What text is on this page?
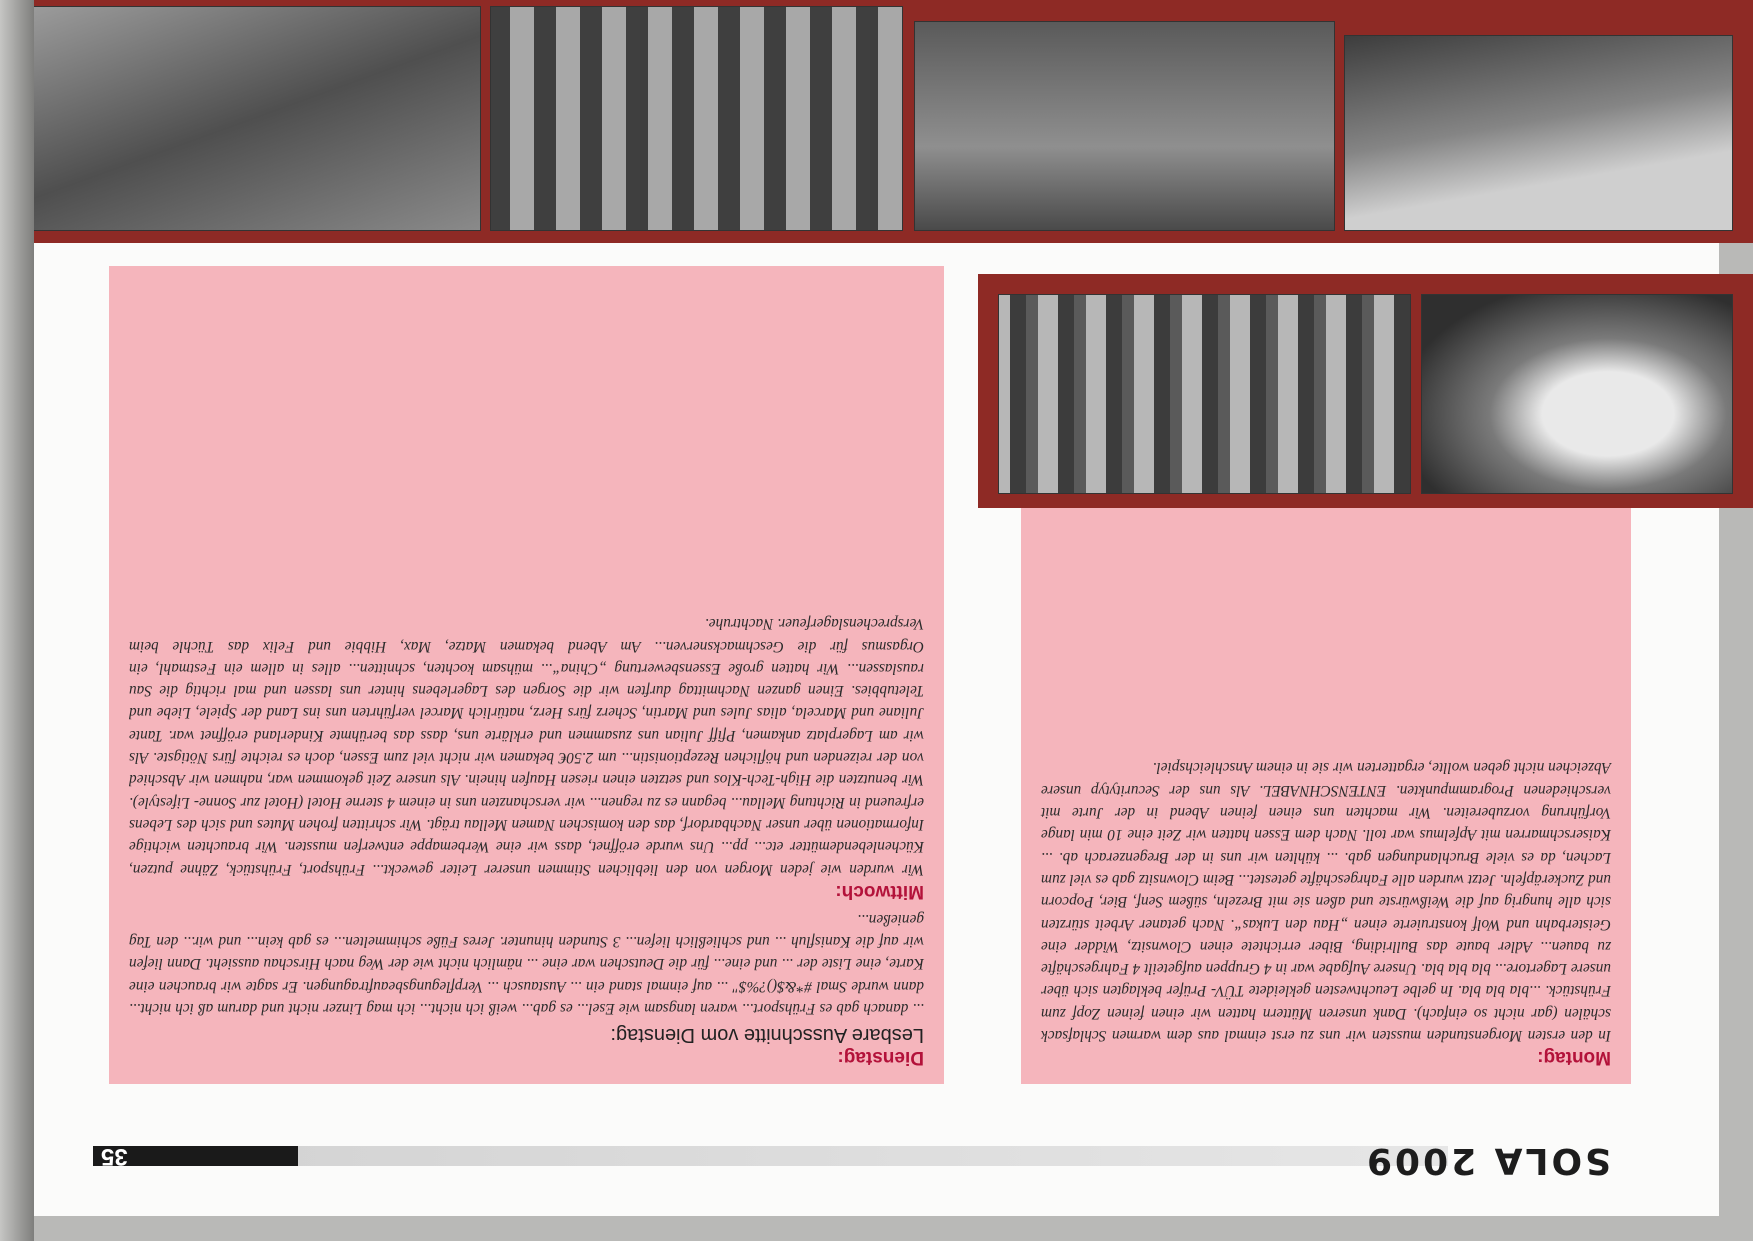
35	SOLA 2009
Montag:

In den ersten Morgenstunden mussten wir uns zu erst einmal aus dem warmen Schlafsack schälen (gar nicht so einfach). Dank unseren Müttern hatten wir einen feinen Zopf zum Frühstück. ...bla bla bla. In gelbe Leuchtwesten gekleidete TÜV- Prüfer beklagten sich über unsere Lagertore... bla bla bla. Unsere Aufgabe war in 4 Gruppen aufgeteilt 4 Fahrgeschäfte zu bauen... Adler baute das Bullriding, Biber errichtete einen Clownsitz, Widder eine Geisterbahn und Wolf konstruierte einen „Hau den Lukas“. Nach getaner Arbeit stürzten sich alle hungrig auf die Weißwürste und aßen sie mit Brezeln, süßem Senf, Bier, Popcorn und Zuckeräpfeln. Jetzt wurden alle Fahrgeschäfte getestet... Beim Clownsitz gab es viel zum Lachen, da es viele Bruchlandungen gab. ... kühlten wir uns in der Bregenzerach ab. ... Kaiserschmarren mit Apfelmus war toll. Nach dem Essen hatten wir Zeit eine 10 min lange Vorführung vorzubereiten. Wir machten uns einen feinen Abend in der Jurte mit verschiedenen Programmpunkten. ENTENSCHNABEL. Als uns der Securitytyp unsere Abzeichen nicht geben wollte, ergatterten wir sie in einem Anschleichspiel.

Dienstag:
Lesbare Ausschnitte vom Dienstag:

... danach gab es Frühsport... waren langsam wie Esel... es gab... weiß ich nicht... ich mag Linzer nicht und darum aß ich nicht... dann wurde Smal #*&$()?%$" ... auf einmal stand ein ... Austausch ... Verpflegungsbeauftragungen. Er sagte wir brauchen eine Karte, eine Liste der ... und eine... für die Deutschen war eine ... nämlich nicht wie der Weg nach Hirschau aussieht. Dann liefen wir auf die Kanisfluh ... und schließlich liefen... 3 Stunden hinunter. Jeres Füße schimmelten... es gab kein... und wir... den Tag genießen...

Mittwoch:

Wir wurden wie jeden Morgen von den lieblichen Stimmen unserer Leiter geweckt... Frühsport, Frühstück, Zähne putzen, Küchenlebendemütter etc... pp... Uns wurde eröffnet, dass wir eine Werbemappe entwerfen mussten. Wir brauchten wichtige Informationen über unser Nachbardorf, das den komischen Namen Mellau trägt. Wir schritten frohen Mutes und sich des Lebens erfreuend in Richtung Mellau... begann es zu regnen... wir verschanzten uns in einem 4 sterne Hotel (Hotel zur Sonne- Lifestyle). Wir benutzten die High-Tech-Klos und setzten einen riesen Haufen hinein. Als unsere Zeit gekommen war, nahmen wir Abschied von der reizenden und höflichen Rezeptionistin... um 2.50€ bekamen wir nicht viel zum Essen, doch es reichte fürs Nötigste. Als wir am Lagerplatz ankamen, Pfiff Julian uns zusammen und erklärte uns, dass das berühmte Kinderland eröffnet war. Tante Juliane und Marcela, alias Jules und Martin, Scherz fürs Herz, natürlich Marcel verführten uns ins Land der Spiele, Liebe und Teletubbies. Einen ganzen Nachmittag durften wir die Sorgen des Lagerlebens hinter uns lassen und mal richtig die Sau rauslassen... Wir hatten große Essensbewertung „China“... mühsam kochten, schnitten... alles in allem ein Festmahl, ein Orgasmus für die Geschmacksnerven... Am Abend bekamen Matze, Max, Hibbie und Felix das Tüchle beim Versprechenslagerfeuer. Nachtruhe.
